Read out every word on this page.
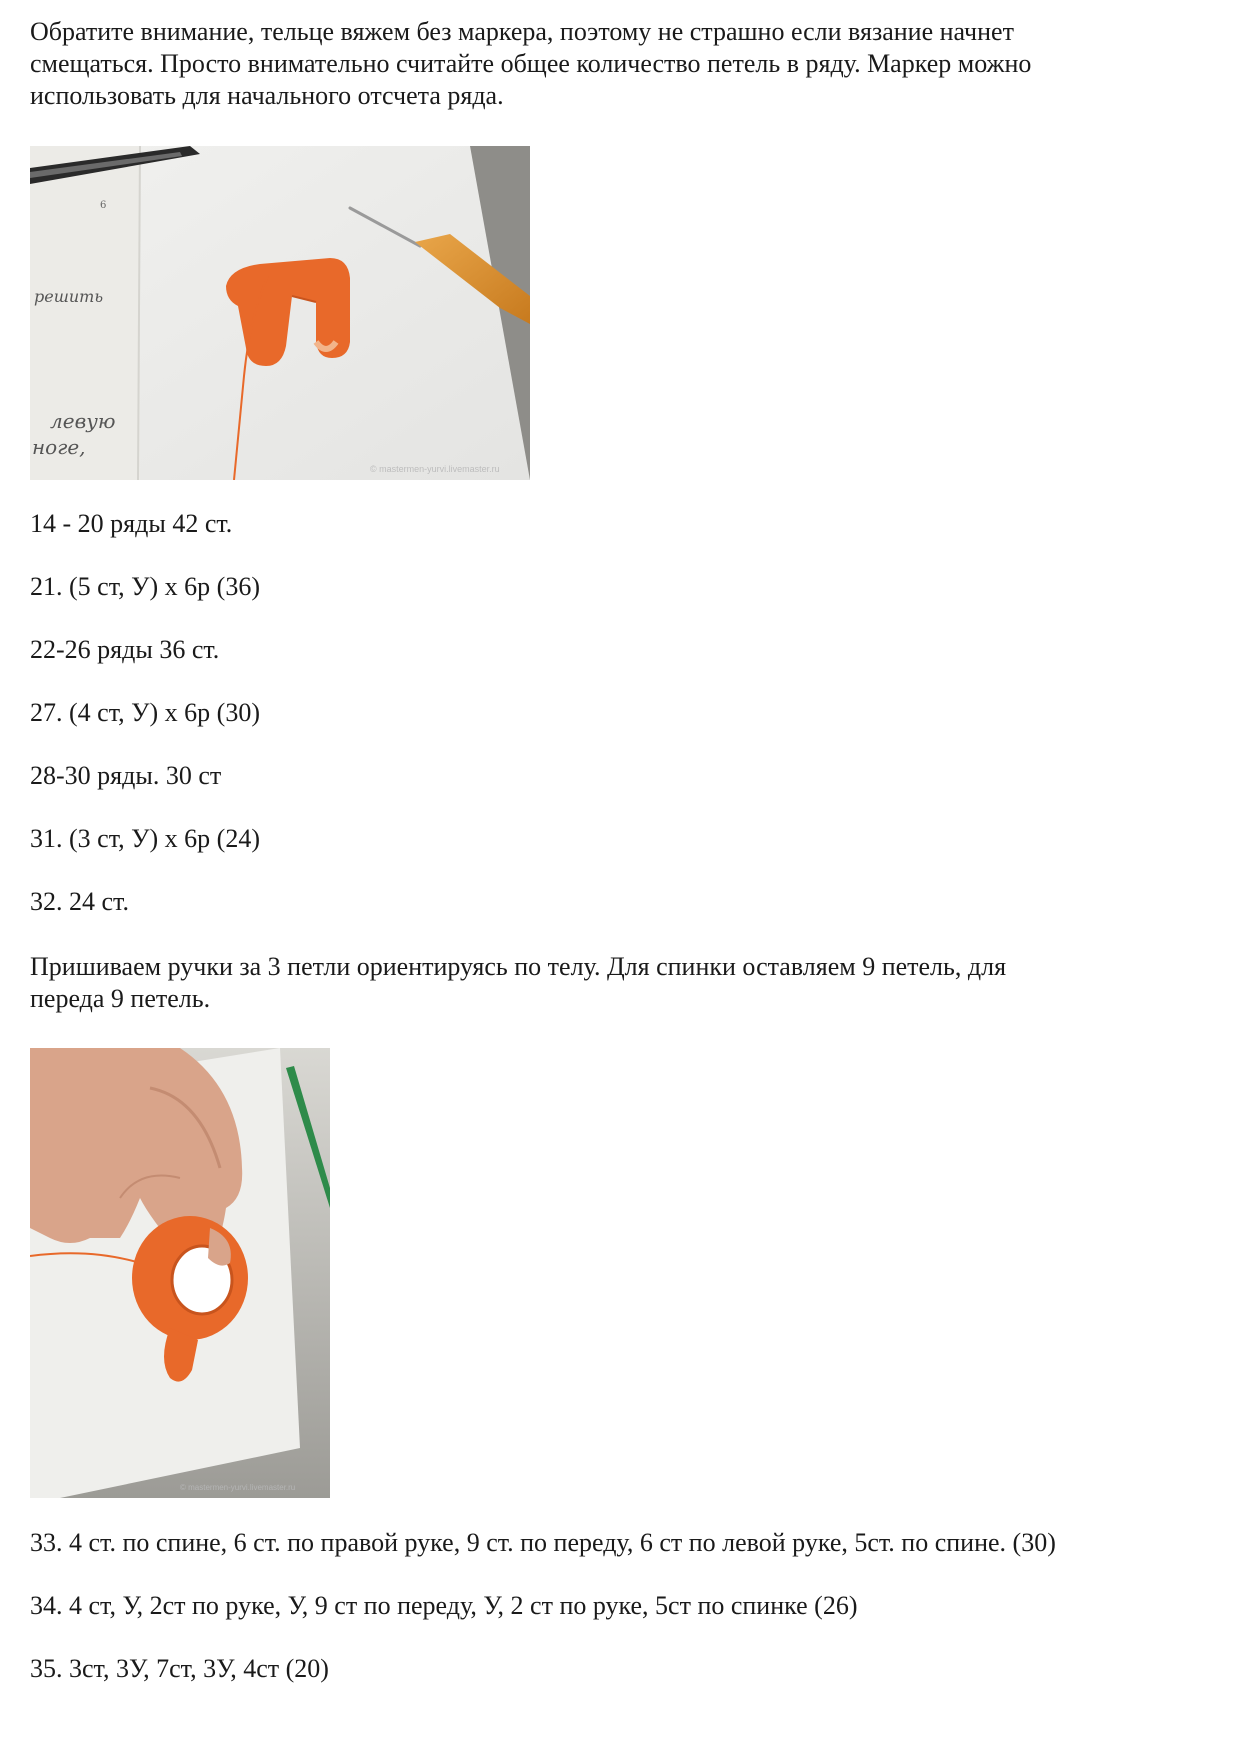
Обратите внимание, тельце вяжем без маркера, поэтому не страшно если вязание начнет

смещаться. Просто внимательно считайте общее количество петель в ряду. Маркер можно

использовать для начального отсчета ряда.

решить
левую
ноге,
6
© mastermen-yurvi.livemaster.ru

14 - 20 ряды 42 ст.

21. (5 ст, У) х 6р (36)

22-26 ряды 36 ст.

27. (4 ст, У) х 6р (30)

28-30 ряды. 30 ст

31. (3 ст, У) х 6р (24)

32. 24 ст.

Пришиваем ручки за 3 петли ориентируясь по телу. Для спинки оставляем 9 петель, для

переда 9 петель.

© mastermen-yurvi.livemaster.ru

33. 4 ст. по спине, 6 ст. по правой руке, 9 ст. по переду, 6 ст по левой руке, 5ст. по спине. (30)

34. 4 ст, У, 2ст по руке, У, 9 ст по переду, У, 2 ст по руке, 5ст по спинке (26)

35. 3ст, 3У, 7ст, 3У, 4ст (20)
